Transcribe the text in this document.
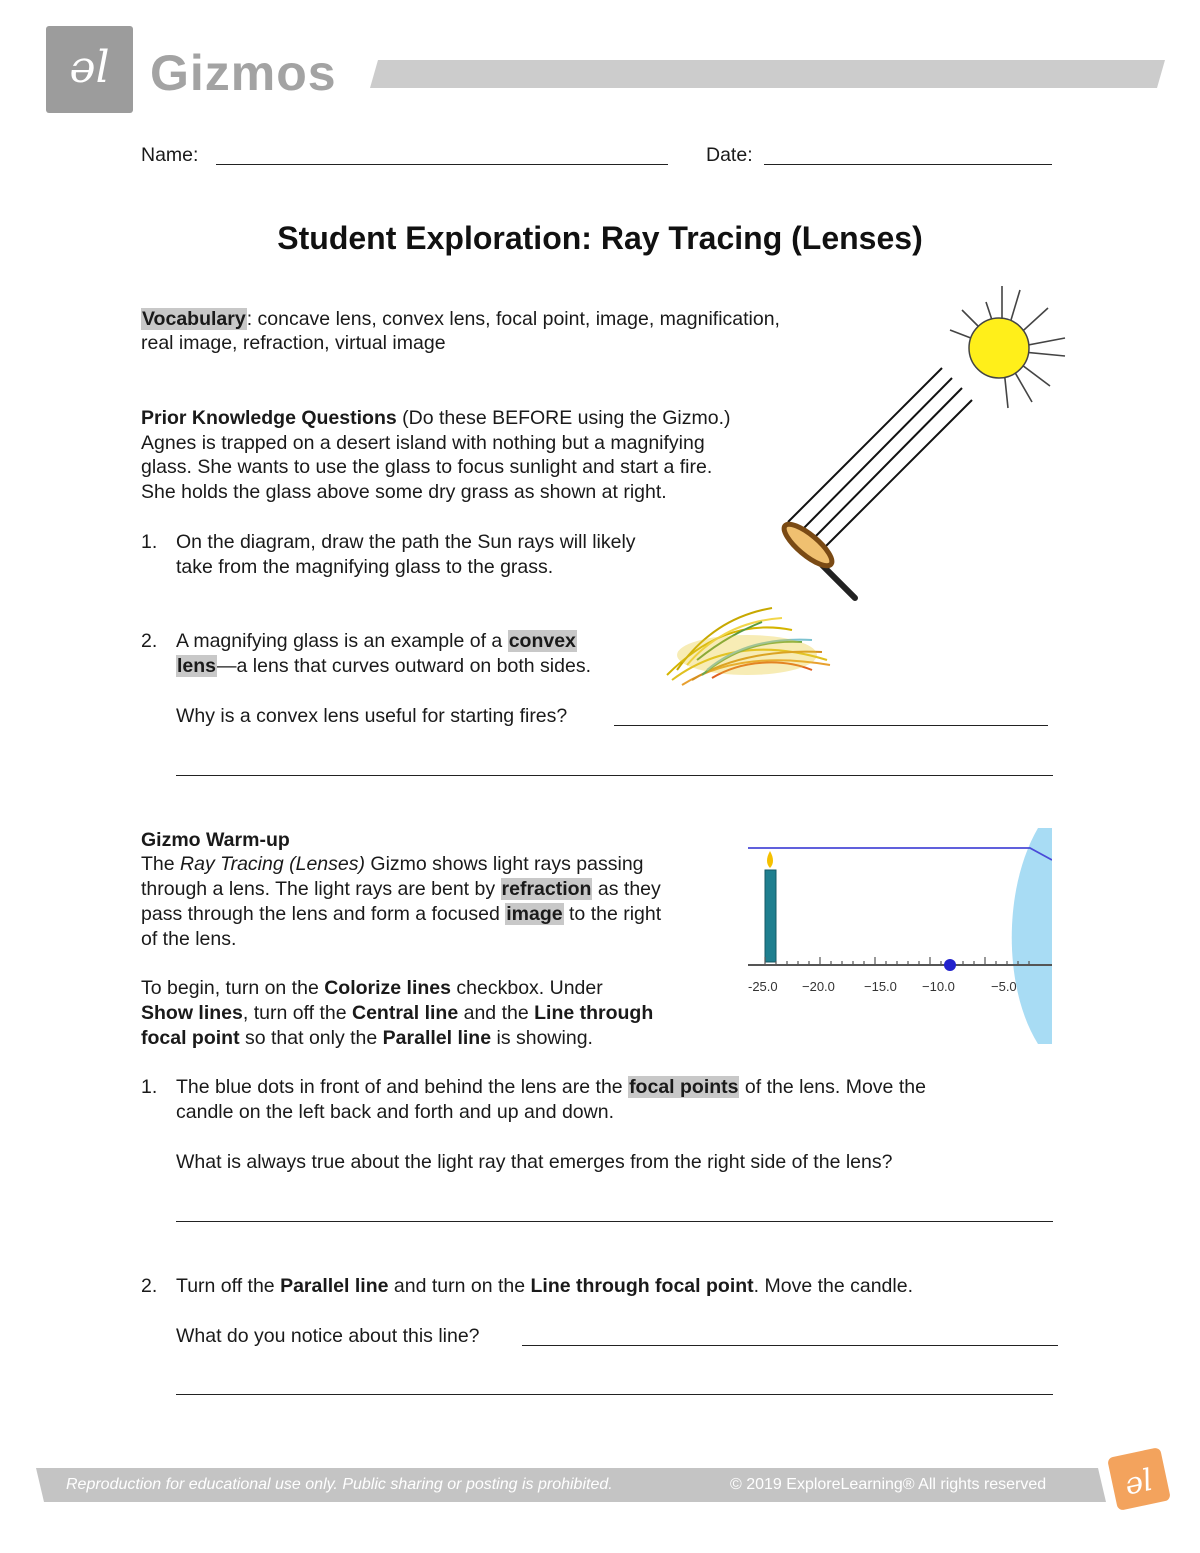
ǝl Gizmos
Name:	Date:
Student Exploration: Ray Tracing (Lenses)
Vocabulary: concave lens, convex lens, focal point, image, magnification,
real image, refraction, virtual image
Prior Knowledge Questions (Do these BEFORE using the Gizmo.)
Agnes is trapped on a desert island with nothing but a magnifying
glass. She wants to use the glass to focus sunlight and start a fire.
She holds the glass above some dry grass as shown at right.
1. On the diagram, draw the path the Sun rays will likely
take from the magnifying glass to the grass.
2. A magnifying glass is an example of a convex
lens—a lens that curves outward on both sides.
Why is a convex lens useful for starting fires?
Gizmo Warm-up
The Ray Tracing (Lenses) Gizmo shows light rays passing
through a lens. The light rays are bent by refraction as they
pass through the lens and form a focused image to the right
of the lens.
To begin, turn on the Colorize lines checkbox. Under
Show lines, turn off the Central line and the Line through
focal point so that only the Parallel line is showing.
-25.0 −20.0 −15.0 −10.0	−5.0
1. The blue dots in front of and behind the lens are the focal points of the lens. Move the
candle on the left back and forth and up and down.
What is always true about the light ray that emerges from the right side of the lens?
2. Turn off the Parallel line and turn on the Line through focal point. Move the candle.
What do you notice about this line?
Reproduction for educational use only. Public sharing or posting is prohibited.	© 2019 ExploreLearning® All rights reserved	ǝl
